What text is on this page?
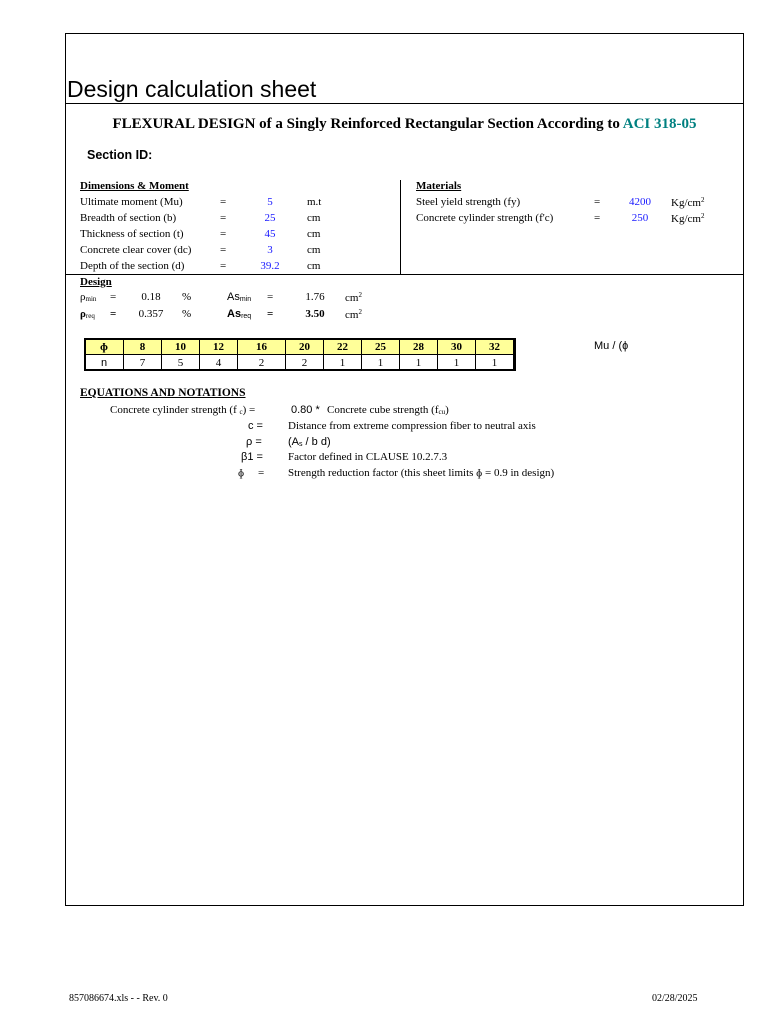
Design calculation sheet
FLEXURAL DESIGN of a Singly Reinforced Rectangular Section According to ACI 318-05
Section ID:
Dimensions & Moment
Ultimate moment (Mu)	=	5	m.t
Breadth of section (b)	=	25	cm
Thickness of section (t)	=	45	cm
Concrete clear cover (dc)	=	3	cm
Depth of the section (d)	=	39.2	cm
Materials
Steel yield strength (fy)	=	4200	$Kg/cm^2$
Concrete cylinder strength (f'c)	=	250	$Kg/cm^2$
Design
$\rho_{min}$ =	0.18	%	$As_{min}$ =	1.76	$cm^2$
$\rho_{req}$ =	0.357	%	$As_{req}$ =	3.50	$cm^2$
ɸ	8	10	12	16	20	22	25	28	30	32
n	7	5	4	2	2	1	1	1	1	1
Mu / (ɸ
EQUATIONS AND NOTATIONS
Concrete cylinder strength (f $_c$) =	0.80 * Concrete cube strength $(f_{cu})$
c = Distance from extreme compression fiber to neutral axis
$\rho = (A_s / b$ d)
β1 = Factor defined in CLAUSE 10.2.7.3
ɸ = Strength reduction factor (this sheet limits ɸ = 0.9 in design)
857086674.xls - - Rev. 0	02/28/2025
